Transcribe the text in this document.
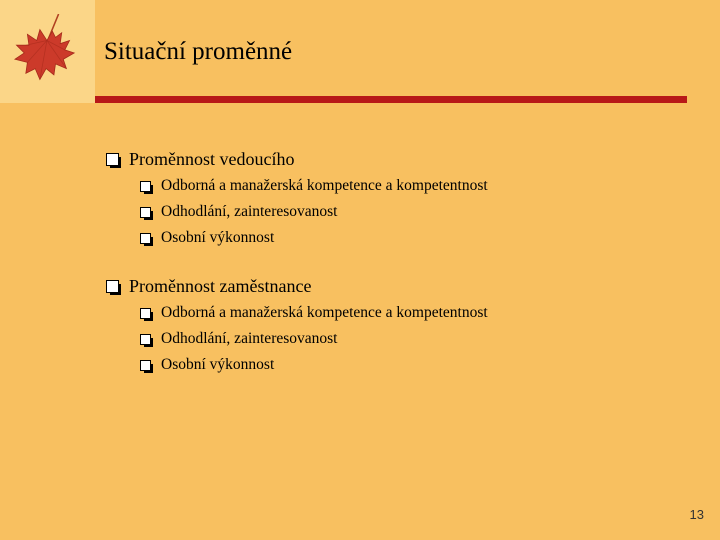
Situační proměnné
Proměnnost vedoucího
Odborná a manažerská kompetence a kompetentnost
Odhodlání, zainteresovanost
Osobní výkonnost
Proměnnost zaměstnance
Odborná a manažerská kompetence a kompetentnost
Odhodlání, zainteresovanost
Osobní výkonnost
13
